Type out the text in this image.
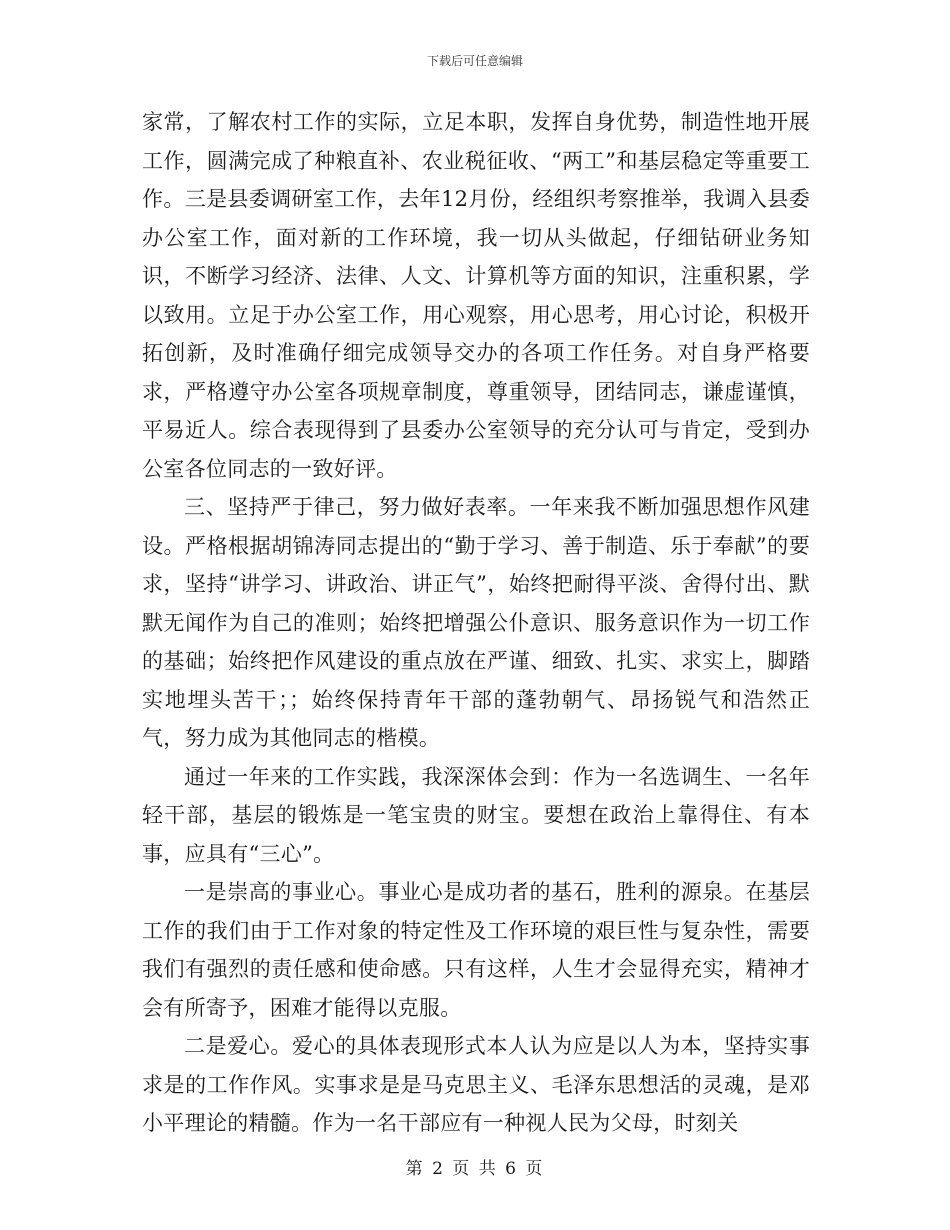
下载后可任意编辑

家常，了解农村工作的实际，立足本职，发挥自身优势，制造性地开展工作，圆满完成了种粮直补、农业税征收、“两工”和基层稳定等重要工作。三是县委调研室工作，去年12月份，经组织考察推举，我调入县委办公室工作，面对新的工作环境，我一切从头做起，仔细钻研业务知识，不断学习经济、法律、人文、计算机等方面的知识，注重积累，学以致用。立足于办公室工作，用心观察，用心思考，用心讨论，积极开拓创新，及时准确仔细完成领导交办的各项工作任务。对自身严格要求，严格遵守办公室各项规章制度，尊重领导，团结同志，谦虚谨慎，平易近人。综合表现得到了县委办公室领导的充分认可与肯定，受到办公室各位同志的一致好评。

三、坚持严于律己，努力做好表率。一年来我不断加强思想作风建设。严格根据胡锦涛同志提出的“勤于学习、善于制造、乐于奉献”的要求，坚持“讲学习、讲政治、讲正气”，始终把耐得平淡、舍得付出、默默无闻作为自己的准则；始终把增强公仆意识、服务意识作为一切工作的基础；始终把作风建设的重点放在严谨、细致、扎实、求实上，脚踏实地埋头苦干；；始终保持青年干部的蓬勃朝气、昂扬锐气和浩然正气，努力成为其他同志的楷模。

通过一年来的工作实践，我深深体会到：作为一名选调生、一名年轻干部，基层的锻炼是一笔宝贵的财宝。要想在政治上靠得住、有本事，应具有“三心”。

一是崇高的事业心。事业心是成功者的基石，胜利的源泉。在基层工作的我们由于工作对象的特定性及工作环境的艰巨性与复杂性，需要我们有强烈的责任感和使命感。只有这样，人生才会显得充实，精神才会有所寄予，困难才能得以克服。

二是爱心。爱心的具体表现形式本人认为应是以人为本，坚持实事求是的工作作风。实事求是是马克思主义、毛泽东思想活的灵魂，是邓小平理论的精髓。作为一名干部应有一种视人民为父母，时刻关

第 2 页 共 6 页
